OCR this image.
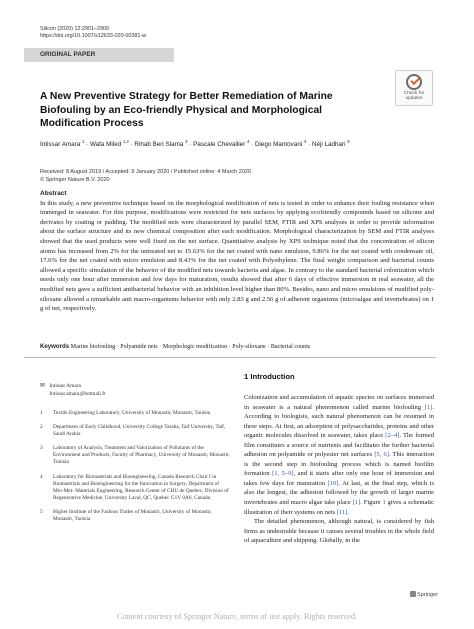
Silicon (2020) 12:2901–2909
https://doi.org/10.1007/s12633-020-00381-w
ORIGINAL PAPER
Check for
updates
A New Preventive Strategy for Better Remediation of Marine Biofouling by an Eco-friendly Physical and Morphological Modification Process
Intissar Amara $^1$ · Wafa Miled $^{1,2}$ · Rihab Ben Slama $^3$ · Pascale Chevallier $^4$ · Diego Mantovani $^4$ · Néji Ladhari $^5$
Received: 8 August 2019 / Accepted: 9 January 2020 / Published online: 4 March 2020
© Springer Nature B.V. 2020
Abstract
In this study, a new preventive technique based on the morphological modification of nets is tested in order to enhance their fouling resistance when immerged in seawater. For this purpose, modifications were restricted for nets surfaces by applying ecofriendly compounds based on silicone and derivates by coating or padding. The modified nets were characterized by parallel SEM, FTIR and XPS analyses in order to provide information about the surface structure and its new chemical composition after each modification. Morphological characterization by SEM and FTIR analyses showed that the used products were well fixed on the net surface. Quantitative analysis by XPS technique noted that the concentration of silicon atoms has increased from 2% for the untreated net to 15.63% for the net coated with nano emulsion, 9.86% for the net coated with condensate oil, 17.6% for the net coated with micro emulsion and 8.43% for the net coated with Polyethylene. The final weight comparison and bacterial counts allowed a specific simulation of the behavior of the modified nets towards bacteria and algae. In contrary to the standard bacterial colonization which needs only one hour after immersion and few days for maturation, results showed that after 6 days of effective immersion in real seawater, all the modified nets gave a sufficient antibacterial behavior with an inhibition level higher than 80%. Besides, nano and micro emulsions of modified poly-siloxane allowed a remarkable anti macro-organisms behavior with only 2.83 g and 2.56 g of adherent organisms (microalgae and invertebrates) on 1 g of net, respectively.
Keywords Marine biofouling · Polyamide nets · Morphologic modification · Poly-siloxane · Bacterial counts
✉ Intissar Amara
Intissar.amara@hotmail.fr
1 Textile Engineering Laboratory, University of Monastir, Monastir, Tunisia
2 Department of Early Childhood, University College Taraba, Taif University, Taif, Saudi Arabia
3 Laboratory of Analysis, Treatment and Valorization of Pollutants of the Environment and Products, Faculty of Pharmacy, University of Monastir, Monastir, Tunisia
4 Laboratory for Biomaterials and Bioengineering, Canada Research Chair I in Biomaterials and Bioengineering for the Innovation in Surgery, Department of Min-Met- Materials Engineering, Research Center of CHU de Quebec, Division of Regenerative Medicine, University Laval, QC, Quebec G1V 0A6, Canada
5 Higher Institute of the Fashion Trades of Monastir, University of Monastir, Monastir, Tunisia
1 Introduction

Colonization and accumulation of aquatic species on surfaces immersed in seawater is a natural phenomenon called marine biofouling [1]. According to biologists, such natural phenomenon can be resumed in three steps. At first, an adsorption of polysaccharides, proteins and other organic molecules dissolved in seawater, takes place [2–4]. The formed film constitutes a source of nutrients and facilitates the further bacterial adhesion on polyamide or polyester net surfaces [5, 6]. This interaction is the second step in biofouling process which is named biofilm formation [1, 5–9], and it starts after only one hour of immersion and takes few days for maturation [10]. At last, at the final step, which is also the longest, the adhesion followed by the growth of larger marine invertebrates and macro algae take place [1]. Figure 1 gives a schematic illustration of their systems on nets [11].

The detailed phenomenon, although natural, is considered by fish firms as undesirable because it causes several troubles in the whole field of aquaculture and shipping. Globally, in the

Springer
Content courtesy of Springer Nature, terms of use apply. Rights reserved.
